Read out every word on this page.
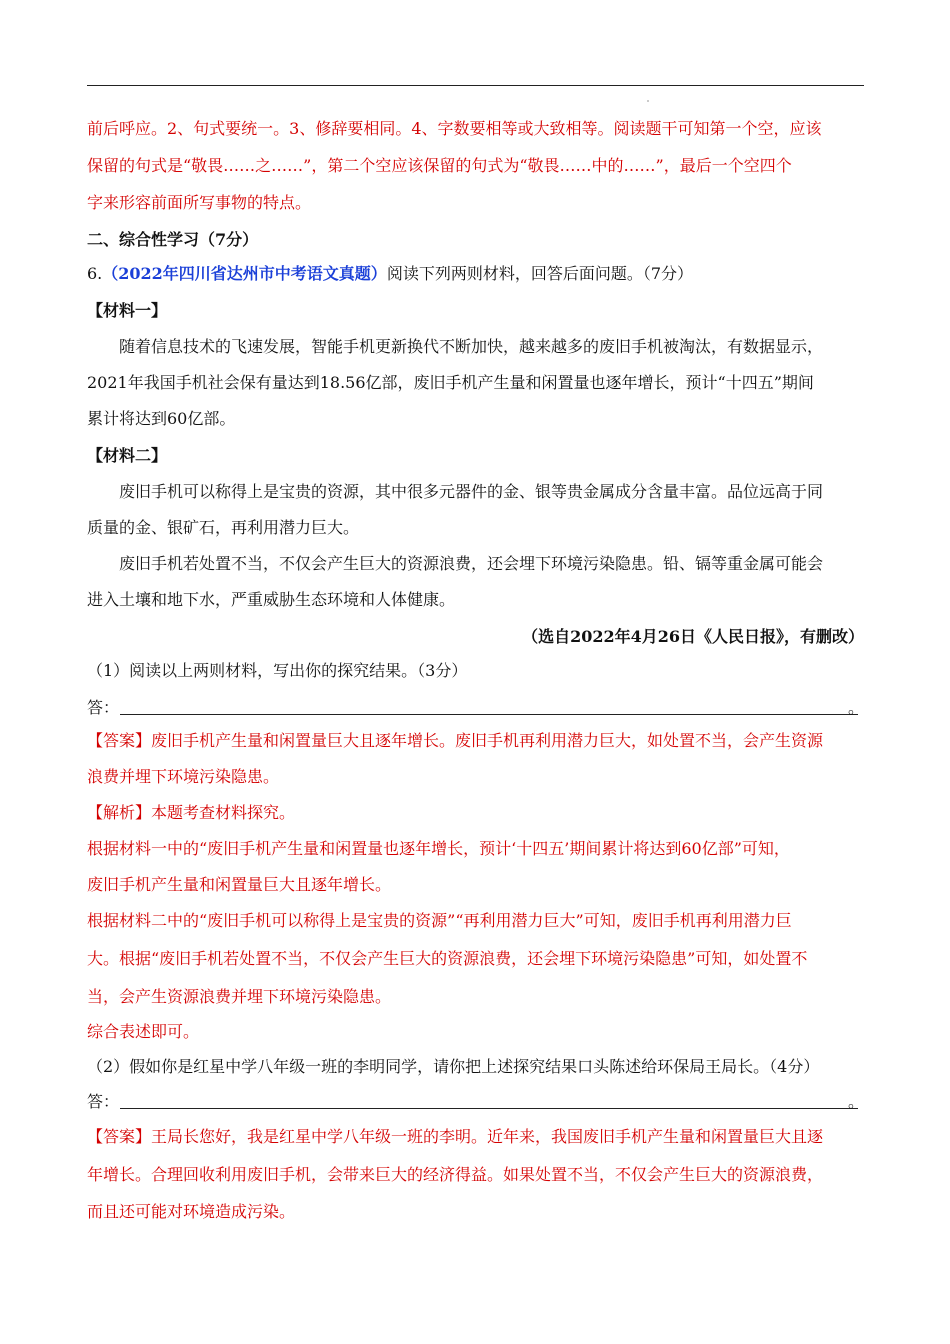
前后呼应。2、句式要统一。3、修辞要相同。4、字数要相等或大致相等。阅读题干可知第一个空，应该
保留的句式是“敬畏……之……”，第二个空应该保留的句式为“敬畏……中的……”，最后一个空四个
字来形容前面所写事物的特点。
二、综合性学习（7分）
6.（2022年四川省达州市中考语文真题）阅读下列两则材料，回答后面问题。（7分）
【材料一】
随着信息技术的飞速发展，智能手机更新换代不断加快，越来越多的废旧手机被淘汰，有数据显示，
2021年我国手机社会保有量达到18.56亿部，废旧手机产生量和闲置量也逐年增长，预计“十四五”期间
累计将达到60亿部。
【材料二】
废旧手机可以称得上是宝贵的资源，其中很多元器件的金、银等贵金属成分含量丰富。品位远高于同
质量的金、银矿石，再利用潜力巨大。
废旧手机若处置不当，不仅会产生巨大的资源浪费，还会埋下环境污染隐患。铅、镉等重金属可能会
进入土壤和地下水，严重威胁生态环境和人体健康。
（选自2022年4月26日《人民日报》，有删改）
（1）阅读以上两则材料，写出你的探究结果。（3分）
答：	。
【答案】废旧手机产生量和闲置量巨大且逐年增长。废旧手机再利用潜力巨大，如处置不当，会产生资源
浪费并埋下环境污染隐患。
【解析】本题考查材料探究。
根据材料一中的“废旧手机产生量和闲置量也逐年增长，预计‘十四五’期间累计将达到60亿部”可知，
废旧手机产生量和闲置量巨大且逐年增长。
根据材料二中的“废旧手机可以称得上是宝贵的资源”“再利用潜力巨大”可知，废旧手机再利用潜力巨
大。根据“废旧手机若处置不当，不仅会产生巨大的资源浪费，还会埋下环境污染隐患”可知，如处置不
当，会产生资源浪费并埋下环境污染隐患。
综合表述即可。
（2）假如你是红星中学八年级一班的李明同学，请你把上述探究结果口头陈述给环保局王局长。（4分）
答：	。
【答案】王局长您好，我是红星中学八年级一班的李明。近年来，我国废旧手机产生量和闲置量巨大且逐
年增长。合理回收利用废旧手机，会带来巨大的经济得益。如果处置不当，不仅会产生巨大的资源浪费，
而且还可能对环境造成污染。
